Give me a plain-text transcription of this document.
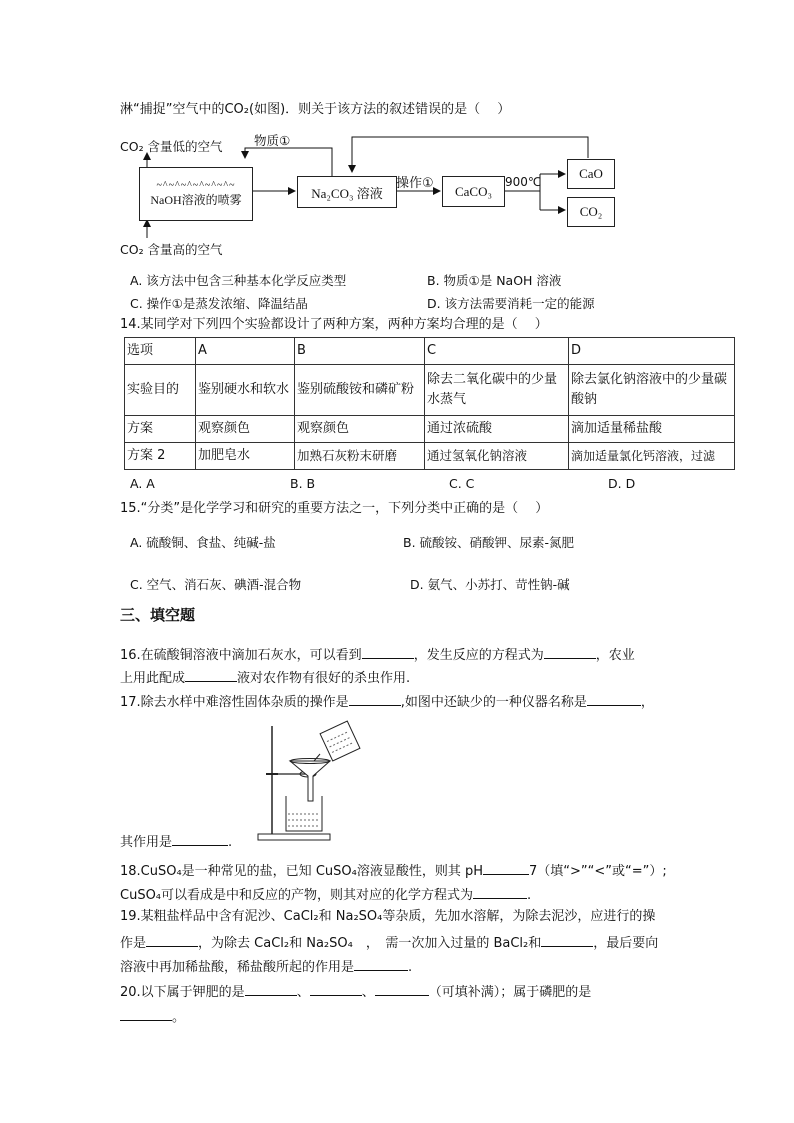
淋“捕捉”空气中的CO₂(如图)．则关于该方法的叙述错误的是（　 ）
CO₂ 含量低的空气	物质①
~^~^~^~^~^~^~
NaOH溶液的喷雾	Na₂CO₃ 溶液
操作①	CaCO₃
900℃
CaO
CO₂
CO₂ 含量高的空气
A. 该方法中包含三种基本化学反应类型	B. 物质①是 NaOH 溶液
C. 操作①是蒸发浓缩、降温结晶	D. 该方法需要消耗一定的能源
14.某同学对下列四个实验都设计了两种方案，两种方案均合理的是（　 ）
选项	A	B	C	D
实验目的	鉴别硬水和软水	鉴别硫酸铵和磷矿粉	除去二氧化碳中的少量水蒸气	除去氯化钠溶液中的少量碳酸钠
方案	观察颜色	观察颜色	通过浓硫酸	滴加适量稀盐酸
方案 2	加肥皂水	加熟石灰粉末研磨	通过氢氧化钠溶液	滴加适量氯化钙溶液，过滤
A. A	B. B	C. C	D. D
15.“分类”是化学学习和研究的重要方法之一，下列分类中正确的是（　 ）
A. 硫酸铜、食盐、纯碱-盐	B. 硫酸铵、硝酸钾、尿素-氮肥
C. 空气、消石灰、碘酒-混合物	D. 氨气、小苏打、苛性钠-碱
三、填空题
16.在硫酸铜溶液中滴加石灰水，可以看到	，发生反应的方程式为	，农业
上用此配成	液对农作物有很好的杀虫作用.
17.除去水样中难溶性固体杂质的操作是	,如图中还缺少的一种仪器名称是	，
其作用是	.
18.CuSO₄是一种常见的盐，已知 CuSO₄溶液显酸性，则其 pH	7（填“>”“<”或“=”）;
CuSO₄可以看成是中和反应的产物，则其对应的化学方程式为	.
19.某粗盐样品中含有泥沙、CaCl₂和 Na₂SO₄等杂质，先加水溶解，为除去泥沙，应进行的操
作是	，为除去 CaCl₂和 Na₂SO₄　，　需一次加入过量的 BaCl₂和	，最后要向
溶液中再加稀盐酸，稀盐酸所起的作用是	.
20.以下属于钾肥的是	、	、	（可填补满）；属于磷肥的是
。
